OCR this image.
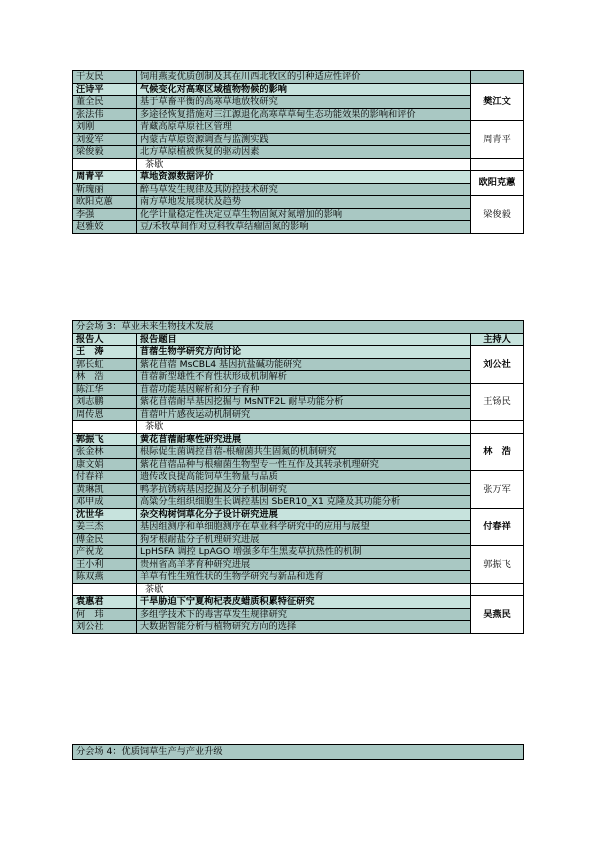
干友民	饲用燕麦优质创制及其在川西北牧区的引种适应性评价	
汪诗平	气候变化对高寒区域植物物候的影响	樊江文
董全民	基于草畜平衡的高寒草地放牧研究	
张法伟	多途径恢复措施对三江源退化高寒草草甸生态功能效果的影响和评价	
刘刚	青藏高原草原社区管理	周青平
刘爱军	内蒙古草原资源调查与监测实践	
梁俊毅	北方草原植被恢复的驱动因素	
	茶歇	
周青平	草地资源数据评价	欧阳克蕙
靳瑰丽	醉马草发生规律及其防控技术研究	
欧阳克蕙	南方草地发展现状及趋势	梁俊毅
李强	化学计量稳定性决定豆草生物固氮对氮增加的影响	
赵雅姣	豆/禾牧草间作对豆科牧草结瘤固氮的影响	
分会场 3：草业未来生物技术发展		
报告人	报告题目	主持人
王　涛	苜蓿生物学研究方向讨论	刘公社
郭长虹	紫花苜蓿 MsCBL4 基因抗盐碱功能研究	
林　浩	苜蓿新型雄性不育性状形成机制解析	
陈江华	苜蓿功能基因解析和分子育种	王钖民
刘志鹏	紫花苜蓿耐旱基因挖掘与 MsNTF2L 耐旱功能分析	
周传恩	苜蓿叶片感夜运动机制研究	
	茶歇	
郭振飞	黄花苜蓿耐寒性研究进展	林　浩
张金林	根际促生菌调控苜蓿-根瘤菌共生固氮的机制研究	
康文娟	紫花苜蓿品种与根瘤菌生物型专一性互作及其转录机理研究	
付春祥	遗传改良提高能饲草生物量与品质	张万军
黄琳凯	鸭茅抗锈病基因挖掘及分子机制研究	
邓甲成	高粱分生组织细胞生长调控基因 SbER10_X1 克隆及其功能分析	
沈世华	杂交构树饲草化分子设计研究进展	付春祥
姜三杰	基因组测序和单细胞测序在草业科学研究中的应用与展望	
傅金民	狗牙根耐盐分子机理研究进展	
产祝龙	LpHSFA 调控 LpAGO 增强多年生黑麦草抗热性的机制	郭振飞
王小利	贵州省高羊茅育种研究进展	
陈双燕	羊草有性生殖性状的生物学研究与新品和选育	
	茶歇	
袁惠君	干旱胁迫下宁夏枸杞表皮蜡质积累特征研究	吴燕民
何　玮	多组学技术下的毒害草发生规律研究	
刘公社	大数据智能分析与植物研究方向的选择	
分会场 4：优质饲草生产与产业升级
